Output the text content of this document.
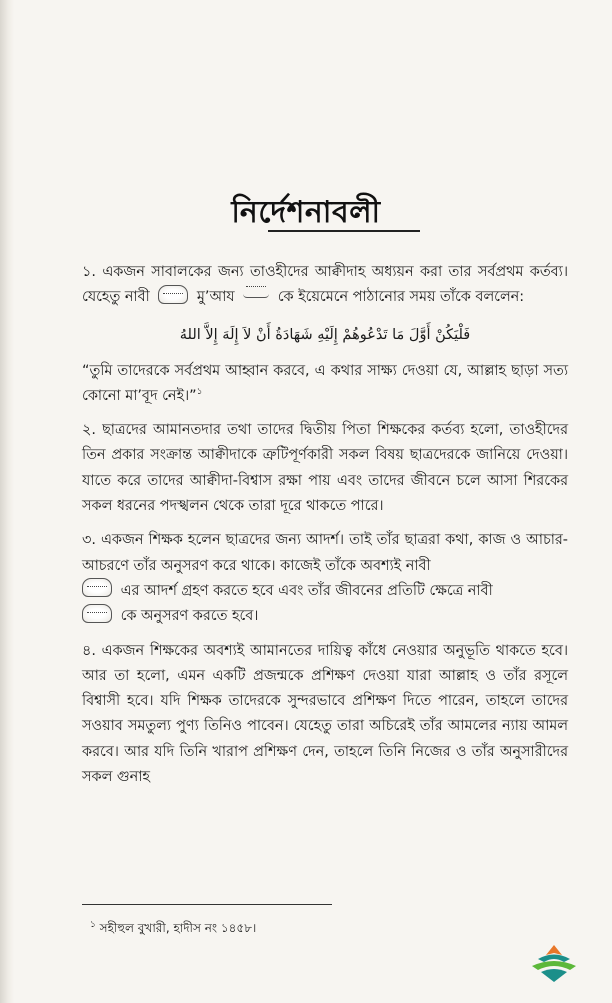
নির্দেশনাবলী

১. একজন সাবালকের জন্য তাওহীদের আক্বীদাহ অধ্যয়ন করা তার সর্বপ্রথম কর্তব্য। যেহেতু নাবী	মু’আয	কে ইয়েমেনে পাঠানোর সময় তাঁকে বললেন:

فَلْيَكُنْ أَوَّلَ مَا تَدْعُوهُمْ إِلَيْهِ شَهَادَةُ أَنْ لاَ إِلَهَ إِلاَّ اللهُ

“তুমি তাদেরকে সর্বপ্রথম আহ্বান করবে, এ কথার সাক্ষ্য দেওয়া যে, আল্লাহ ছাড়া সত্য কোনো মা’বূদ নেই।”$^১$

২. ছাত্রদের আমানতদার তথা তাদের দ্বিতীয় পিতা শিক্ষকের কর্তব্য হলো, তাওহীদের তিন প্রকার সংক্রান্ত আক্বীদাকে ত্রুটিপূর্ণকারী সকল বিষয় ছাত্রদেরকে জানিয়ে দেওয়া। যাতে করে তাদের আক্বীদা-বিশ্বাস রক্ষা পায় এবং তাদের জীবনে চলে আসা শিরকের সকল ধরনের পদস্খলন থেকে তারা দূরে থাকতে পারে।

৩. একজন শিক্ষক হলেন ছাত্রদের জন্য আদর্শ। তাই তাঁর ছাত্ররা কথা, কাজ ও আচার-আচরণে তাঁর অনুসরণ করে থাকে। কাজেই তাঁকে অবশ্যই নাবী
এর আদর্শ গ্রহণ করতে হবে এবং তাঁর জীবনের প্রতিটি ক্ষেত্রে নাবী
কে অনুসরণ করতে হবে।

৪. একজন শিক্ষকের অবশ্যই আমানতের দায়িত্ব কাঁধে নেওয়ার অনুভূতি থাকতে হবে। আর তা হলো, এমন একটি প্রজন্মকে প্রশিক্ষণ দেওয়া যারা আল্লাহ ও তাঁর রসূলে বিশ্বাসী হবে। যদি শিক্ষক তাদেরকে সুন্দরভাবে প্রশিক্ষণ দিতে পারেন, তাহলে তাদের সওয়াব সমতুল্য পুণ্য তিনিও পাবেন। যেহেতু তারা অচিরেই তাঁর আমলের ন্যায় আমল করবে। আর যদি তিনি খারাপ প্রশিক্ষণ দেন, তাহলে তিনি নিজের ও তাঁর অনুসারীদের সকল গুনাহ

$^১$ সহীহুল বুখারী, হাদীস নং ১৪৫৮।
